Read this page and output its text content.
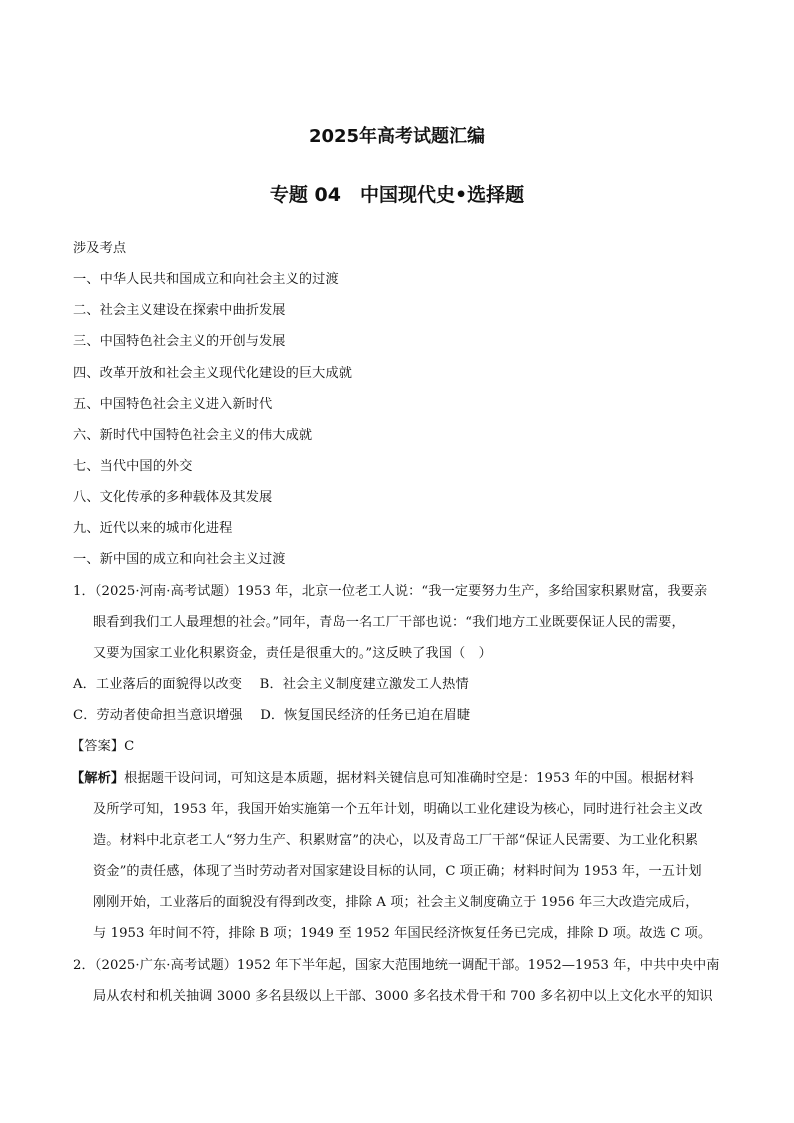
2025年高考试题汇编
专题 04　中国现代史•选择题
涉及考点
一、中华人民共和国成立和向社会主义的过渡
二、社会主义建设在探索中曲折发展
三、中国特色社会主义的开创与发展
四、改革开放和社会主义现代化建设的巨大成就
五、中国特色社会主义进入新时代
六、新时代中国特色社会主义的伟大成就
七、当代中国的外交
八、文化传承的多种载体及其发展
九、近代以来的城市化进程
一、新中国的成立和向社会主义过渡
1．（2025·河南·高考试题）1953 年，北京一位老工人说：“我一定要努力生产，多给国家积累财富，我要亲
眼看到我们工人最理想的社会。”同年，青岛一名工厂干部也说：“我们地方工业既要保证人民的需要，
又要为国家工业化积累资金，责任是很重大的。”这反映了我国（　）
A．工业落后的面貌得以改变　 B．社会主义制度建立激发工人热情
C．劳动者使命担当意识增强　 D．恢复国民经济的任务已迫在眉睫
【答案】C
【解析】根据题干设问词，可知这是本质题，据材料关键信息可知准确时空是：1953 年的中国。根据材料
及所学可知，1953 年，我国开始实施第一个五年计划，明确以工业化建设为核心，同时进行社会主义改
造。材料中北京老工人“努力生产、积累财富”的决心，以及青岛工厂干部“保证人民需要、为工业化积累
资金”的责任感，体现了当时劳动者对国家建设目标的认同，C 项正确；材料时间为 1953 年，一五计划
刚刚开始，工业落后的面貌没有得到改变，排除 A 项；社会主义制度确立于 1956 年三大改造完成后，
与 1953 年时间不符，排除 B 项；1949 至 1952 年国民经济恢复任务已完成，排除 D 项。故选 C 项。
2．（2025·广东·高考试题）1952 年下半年起，国家大范围地统一调配干部。1952—1953 年，中共中央中南
局从农村和机关抽调 3000 多名县级以上干部、3000 多名技术骨干和 700 多名初中以上文化水平的知识
